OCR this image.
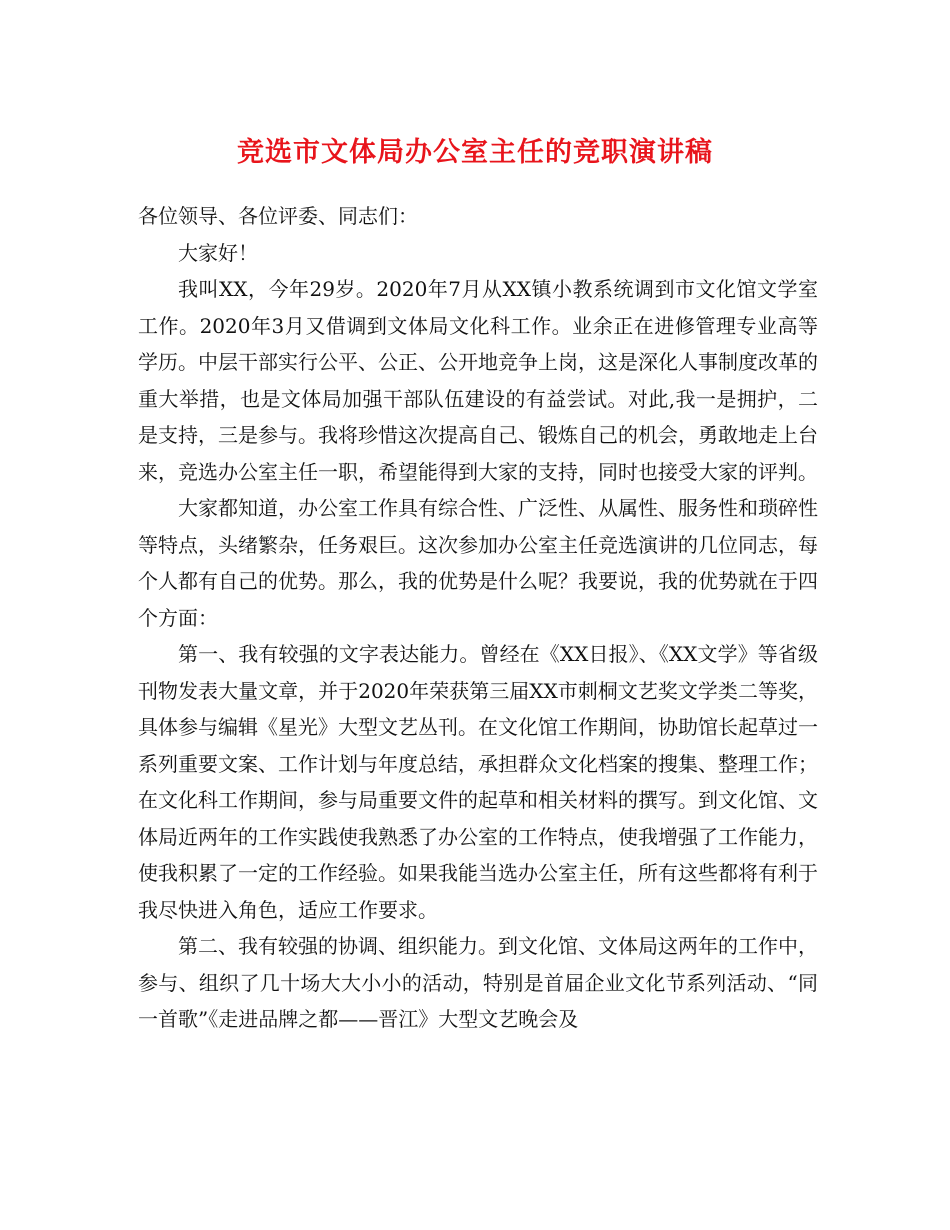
竞选市文体局办公室主任的竞职演讲稿

各位领导、各位评委、同志们：

大家好！

我叫XX，今年29岁。2020年7月从XX镇小教系统调到市文化馆文学室工作。2020年3月又借调到文体局文化科工作。业余正在进修管理专业高等学历。中层干部实行公平、公正、公开地竞争上岗，这是深化人事制度改革的重大举措，也是文体局加强干部队伍建设的有益尝试。对此,我一是拥护，二是支持，三是参与。我将珍惜这次提高自己、锻炼自己的机会，勇敢地走上台来，竞选办公室主任一职，希望能得到大家的支持，同时也接受大家的评判。

大家都知道，办公室工作具有综合性、广泛性、从属性、服务性和琐碎性等特点，头绪繁杂，任务艰巨。这次参加办公室主任竞选演讲的几位同志，每个人都有自己的优势。那么，我的优势是什么呢？我要说，我的优势就在于四个方面：

第一、我有较强的文字表达能力。曾经在《XX日报》、《XX文学》等省级刊物发表大量文章，并于2020年荣获第三届XX市刺桐文艺奖文学类二等奖，具体参与编辑《星光》大型文艺丛刊。在文化馆工作期间，协助馆长起草过一系列重要文案、工作计划与年度总结，承担群众文化档案的搜集、整理工作；在文化科工作期间，参与局重要文件的起草和相关材料的撰写。到文化馆、文体局近两年的工作实践使我熟悉了办公室的工作特点，使我增强了工作能力，使我积累了一定的工作经验。如果我能当选办公室主任，所有这些都将有利于我尽快进入角色，适应工作要求。

第二、我有较强的协调、组织能力。到文化馆、文体局这两年的工作中，参与、组织了几十场大大小小的活动，特别是首届企业文化节系列活动、“同一首歌”《走进品牌之都——晋江》大型文艺晚会及
